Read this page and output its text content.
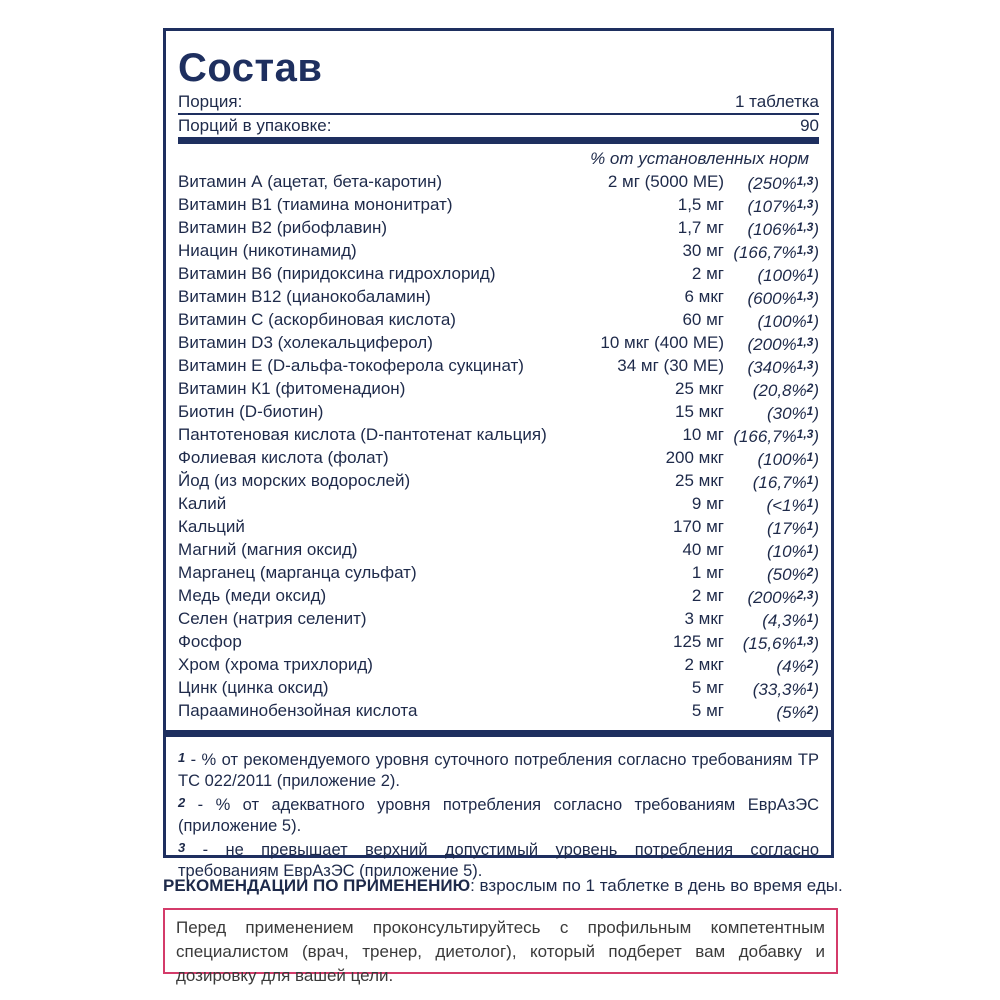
Состав
Порция:	1 таблетка
Порций в упаковке:	90
% от установленных норм
Витамин А (ацетат, бета-каротин)	2 мг (5000 МЕ)	(250%$^{1,3}$)
Витамин В1 (тиамина мононитрат)	1,5 мг	(107%$^{1,3}$)
Витамин В2 (рибофлавин)	1,7 мг	(106%$^{1,3}$)
Ниацин (никотинамид)	30 мг (166,7%$^{1,3}$)
Витамин В6 (пиридоксина гидрохлорид)	2 мг	(100%$^1$)
Витамин В12 (цианокобаламин)	6 мкг	(600%$^{1,3}$)
Витамин С (аскорбиновая кислота)	60 мг	(100%$^1$)
Витамин D3 (холекальциферол)	10 мкг (400 МЕ)	(200%$^{1,3}$)
Витамин Е (D-альфа-токоферола сукцинат)	34 мг (30 МЕ)	(340%$^{1,3}$)
Витамин К1 (фитоменадион)	25 мкг	(20,8%$^2$)
Биотин (D-биотин)	15 мкг	(30%$^1$)
Пантотеновая кислота (D-пантотенат кальция)	10 мг (166,7%$^{1,3}$)
Фолиевая кислота (фолат)	200 мкг	(100%$^1$)
Йод (из морских водорослей)	25 мкг	(16,7%$^1$)
Калий	9 мг	(<1%$^1$)
Кальций	170 мг	(17%$^1$)
Магний (магния оксид)	40 мг	(10%$^1$)
Марганец (марганца сульфат)	1 мг	(50%$^2$)
Медь (меди оксид)	2 мг	(200%$^{2,3}$)
Селен (натрия селенит)	3 мкг	(4,3%$^1$)
Фосфор	125 мг	(15,6%$^{1,3}$)
Хром (хрома трихлорид)	2 мкг	(4%$^2$)
Цинк (цинка оксид)	5 мг	(33,3%$^1$)
Парааминобензойная кислота	5 мг	(5%$^2$)

1 - % от рекомендуемого уровня суточного потребления согласно требованиям ТР ТС 022/2011 (приложение 2).

2 - % от адекватного уровня потребления согласно требованиям ЕврАзЭС (приложение 5).

3 - не превышает верхний допустимый уровень потребления согласно требованиям ЕврАзЭС (приложение 5).

РЕКОМЕНДАЦИИ ПО ПРИМЕНЕНИЮ: взрослым по 1 таблетке в день во время еды.
Перед применением проконсультируйтесь с профильным компетентным специалистом (врач, тренер, диетолог), который подберет вам добавку и дозировку для вашей цели.
